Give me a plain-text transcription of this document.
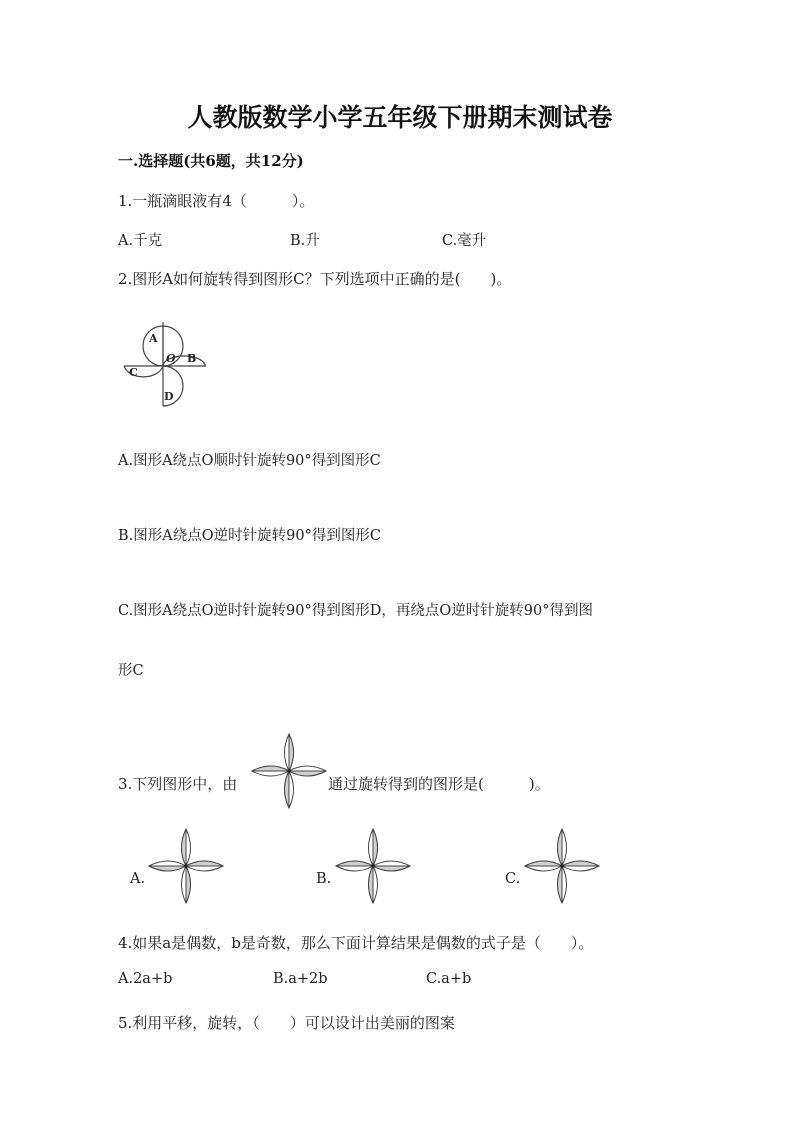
人教版数学小学五年级下册期末测试卷
一.选择题(共6题，共12分)
1.一瓶滴眼液有4（　　　）。
A.千克	B.升	C.毫升
2.图形A如何旋转得到图形C？下列选项中正确的是(　　)。
A
B
C
D
O
A.图形A绕点O顺时针旋转90°得到图形C
B.图形A绕点O逆时针旋转90°得到图形C
C.图形A绕点O逆时针旋转90°得到图形D，再绕点O逆时针旋转90°得到图
形C
3.下列图形中，由	通过旋转得到的图形是(　　　)。
A.	B.	C.
4.如果a是偶数，b是奇数，那么下面计算结果是偶数的式子是（　　）。
A.2a+b	B.a+2b	C.a+b
5.利用平移，旋转，（　　）可以设计出美丽的图案
